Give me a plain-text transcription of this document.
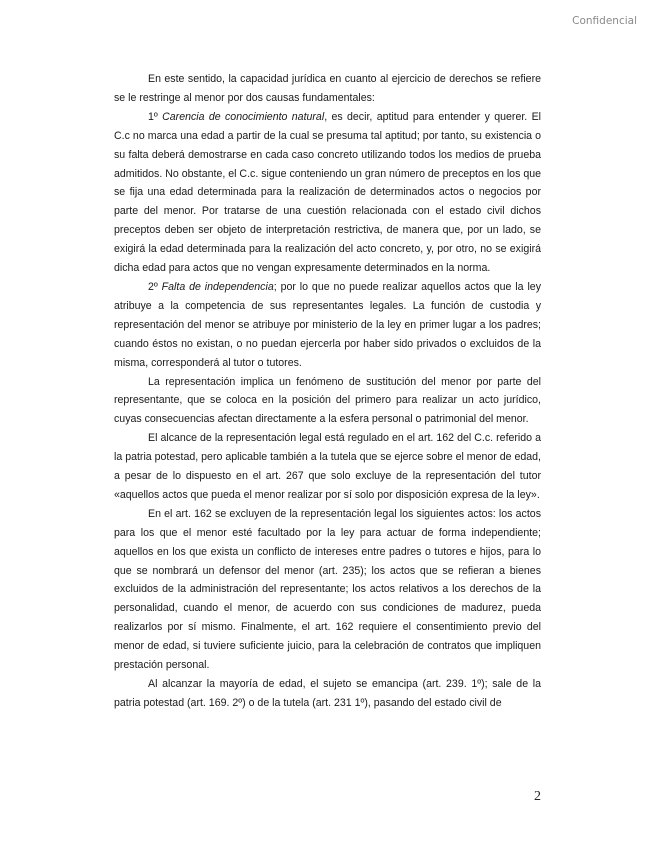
Confidencial

En este sentido, la capacidad jurídica en cuanto al ejercicio de derechos se refiere se le restringe al menor por dos causas fundamentales:

1º Carencia de conocimiento natural, es decir, aptitud para entender y querer. El C.c no marca una edad a partir de la cual se presuma tal aptitud; por tanto, su existencia o su falta deberá demostrarse en cada caso concreto utilizando todos los medios de prueba admitidos. No obstante, el C.c. sigue conteniendo un gran número de preceptos en los que se fija una edad determinada para la realización de determinados actos o negocios por parte del menor. Por tratarse de una cuestión relacionada con el estado civil dichos preceptos deben ser objeto de interpretación restrictiva, de manera que, por un lado, se exigirá la edad determinada para la realización del acto concreto, y, por otro, no se exigirá dicha edad para actos que no vengan expresamente determinados en la norma.

2º Falta de independencia; por lo que no puede realizar aquellos actos que la ley atribuye a la competencia de sus representantes legales. La función de custodia y representación del menor se atribuye por ministerio de la ley en primer lugar a los padres; cuando éstos no existan, o no puedan ejercerla por haber sido privados o excluidos de la misma, corresponderá al tutor o tutores.

La representación implica un fenómeno de sustitución del menor por parte del representante, que se coloca en la posición del primero para realizar un acto jurídico, cuyas consecuencias afectan directamente a la esfera personal o patrimonial del menor.

El alcance de la representación legal está regulado en el art. 162 del C.c. referido a la patria potestad, pero aplicable también a la tutela que se ejerce sobre el menor de edad, a pesar de lo dispuesto en el art. 267 que solo excluye de la representación del tutor «aquellos actos que pueda el menor realizar por sí solo por disposición expresa de la ley».

En el art. 162 se excluyen de la representación legal los siguientes actos: los actos para los que el menor esté facultado por la ley para actuar de forma independiente; aquellos en los que exista un conflicto de intereses entre padres o tutores e hijos, para lo que se nombrará un defensor del menor (art. 235); los actos que se refieran a bienes excluidos de la administración del representante; los actos relativos a los derechos de la personalidad, cuando el menor, de acuerdo con sus condiciones de madurez, pueda realizarlos por sí mismo. Finalmente, el art. 162 requiere el consentimiento previo del menor de edad, si tuviere suficiente juicio, para la celebración de contratos que impliquen prestación personal.

Al alcanzar la mayoría de edad, el sujeto se emancipa (art. 239. 1º); sale de la patria potestad (art. 169. 2º) o de la tutela (art. 231 1º), pasando del estado civil de

2
